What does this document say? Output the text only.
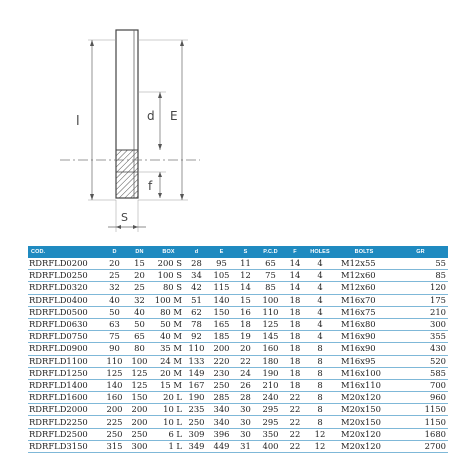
l	d E
f
S
COD.	D	DN	BOX	d	E	S	P.C.D	F	HOLES	BOLTS	GR
RDRFLD0200	20	15	200 S	28	95	11	65	14	4	M12x55	55
RDRFLD0250	25	20	100 S	34	105	12	75	14	4	M12x60	85
RDRFLD0320	32	25	80 S	42	115	14	85	14	4	M12x60	120
RDRFLD0400	40	32	100 M	51	140	15	100	18	4	M16x70	175
RDRFLD0500	50	40	80 M	62	150	16	110	18	4	M16x75	210
RDRFLD0630	63	50	50 M	78	165	18	125	18	4	M16x80	300
RDRFLD0750	75	65	40 M	92	185	19	145	18	4	M16x90	355
RDRFLD0900	90	80	35 M	110	200	20	160	18	8	M16x90	430
RDRFLD1100	110	100	24 M	133	220	22	180	18	8	M16x95	520
RDRFLD1250	125	125	20 M	149	230	24	190	18	8	M16x100	585
RDRFLD1400	140	125	15 M	167	250	26	210	18	8	M16x110	700
RDRFLD1600	160	150	20 L	190	285	28	240	22	8	M20x120	960
RDRFLD2000	200	200	10 L	235	340	30	295	22	8	M20x150	1150
RDRFLD2250	225	200	10 L	250	340	30	295	22	8	M20x150	1150
RDRFLD2500	250	250	6 L	309	396	30	350	22	12	M20x120	1680
RDRFLD3150	315	300	1 L	349	449	31	400	22	12	M20x120	2700
